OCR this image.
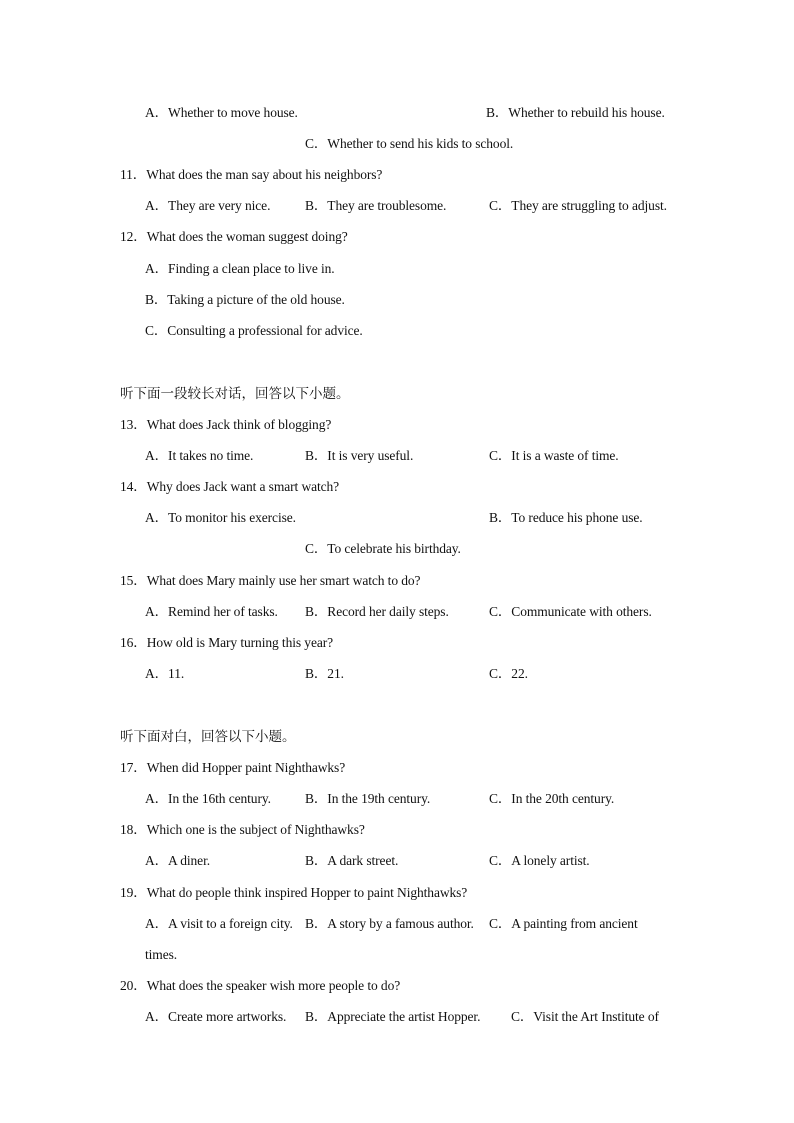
A．Whether to move house.	B．Whether to rebuild his house.
C．Whether to send his kids to school.
11．What does the man say about his neighbors?
A．They are very nice.	B．They are troublesome.	C．They are struggling to adjust.
12．What does the woman suggest doing?
A．Finding a clean place to live in.
B．Taking a picture of the old house.
C．Consulting a professional for advice.
听下面一段较长对话，回答以下小题。
13．What does Jack think of blogging?
A．It takes no time.	B．It is very useful.	C．It is a waste of time.
14．Why does Jack want a smart watch?
A．To monitor his exercise.	B．To reduce his phone use.
C．To celebrate his birthday.
15．What does Mary mainly use her smart watch to do?
A．Remind her of tasks. B．Record her daily steps.	C．Communicate with others.
16．How old is Mary turning this year?
A．11.	B．21.	C．22.
听下面对白，回答以下小题。
17．When did Hopper paint Nighthawks?
A．In the 16th century.	B．In the 19th century.	C．In the 20th century.
18．Which one is the subject of Nighthawks?
A．A diner.	B．A dark street.	C．A lonely artist.
19．What do people think inspired Hopper to paint Nighthawks?
A．A visit to a foreign city. B．A story by a famous author. C．A painting from ancient
times.
20．What does the speaker wish more people to do?
A．Create more artworks. B．Appreciate the artist Hopper. C．Visit the Art Institute of
